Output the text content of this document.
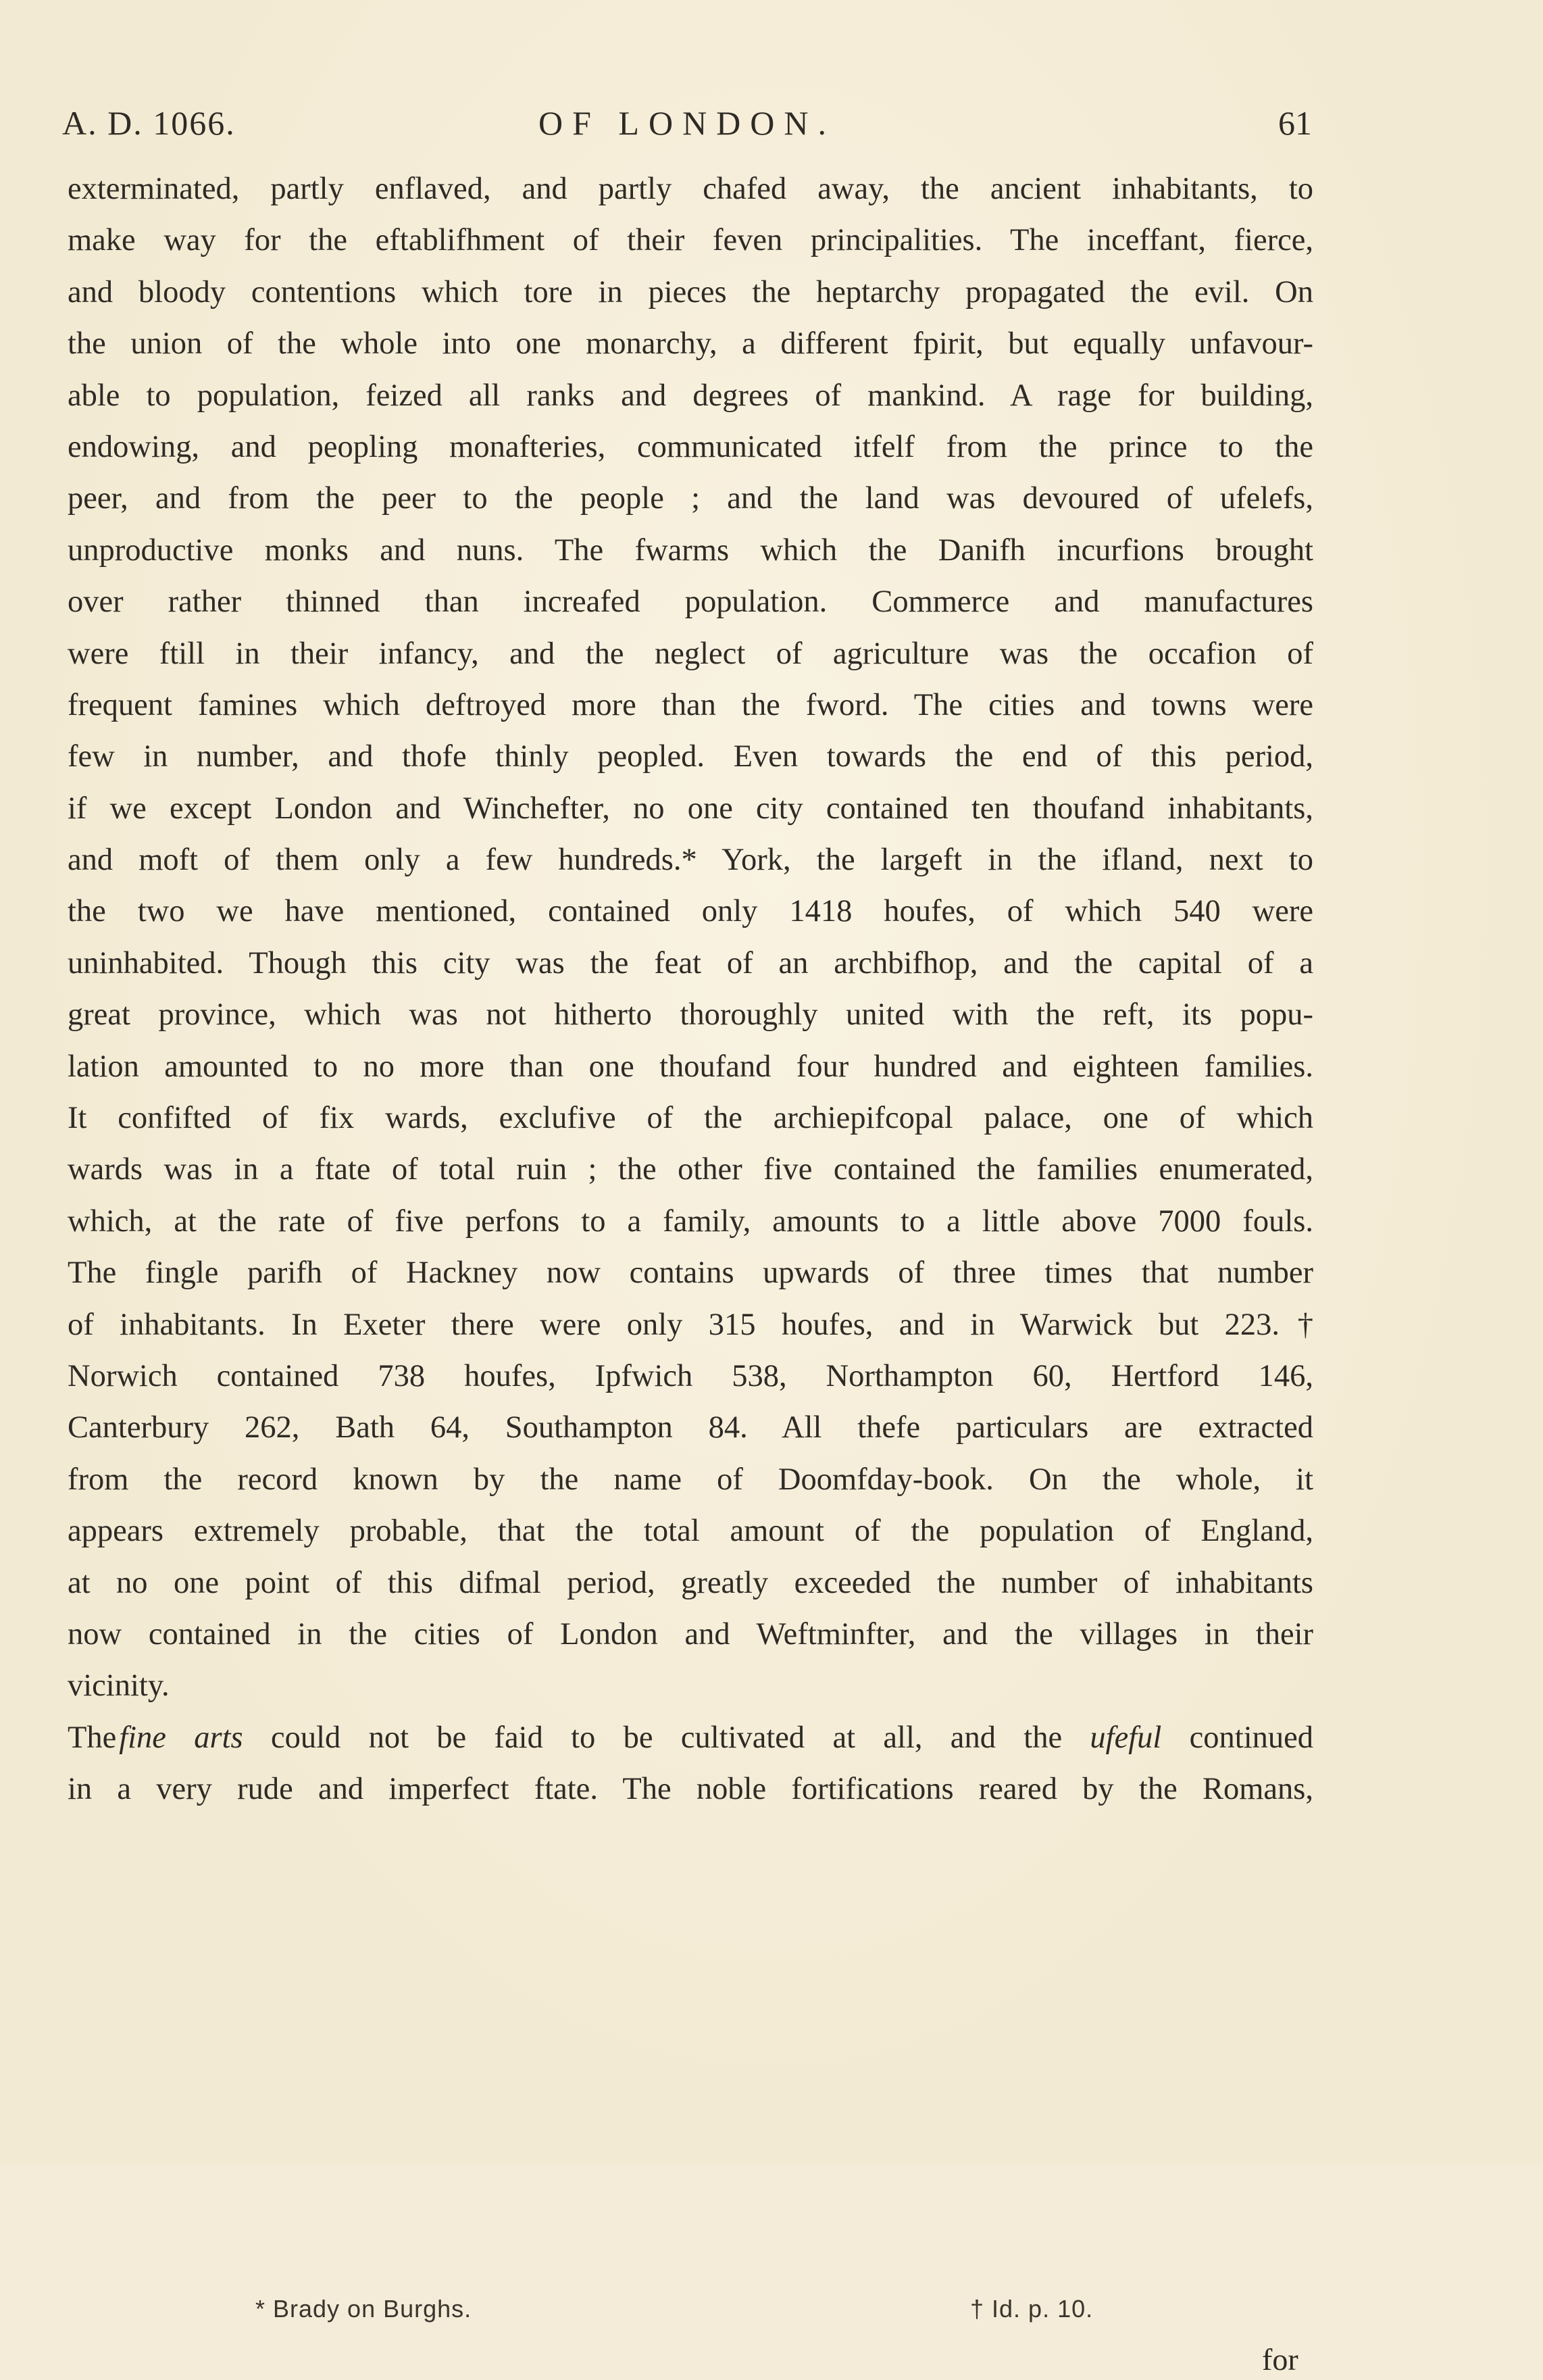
A. D. 1066.	OF LONDON.	61
exterminated, partly enflaved, and partly chafed away, the ancient inhabitants, to
make way for the eftablifhment of their feven principalities. The inceffant, fierce,
and bloody contentions which tore in pieces the heptarchy propagated the evil. On
the union of the whole into one monarchy, a different fpirit, but equally unfavour-
able to population, feized all ranks and degrees of mankind. A rage for building,
endowing, and peopling monafteries, communicated itfelf from the prince to the
peer, and from the peer to the people ; and the land was devoured of ufelefs,
unproductive monks and nuns. The fwarms which the Danifh incurfions brought
over rather thinned than increafed population. Commerce and manufactures
were ftill in their infancy, and the neglect of agriculture was the occafion of
frequent famines which deftroyed more than the fword. The cities and towns were
few in number, and thofe thinly peopled. Even towards the end of this period,
if we except London and Winchefter, no one city contained ten thoufand inhabitants,
and moft of them only a few hundreds.* York, the largeft in the ifland, next to
the two we have mentioned, contained only 1418 houfes, of which 540 were
uninhabited. Though this city was the feat of an archbifhop, and the capital of a
great province, which was not hitherto thoroughly united with the reft, its popu-
lation amounted to no more than one thoufand four hundred and eighteen families.
It confifted of fix wards, exclufive of the archiepifcopal palace, one of which
wards was in a ftate of total ruin ; the other five contained the families enumerated,
which, at the rate of five perfons to a family, amounts to a little above 7000 fouls.
The fingle parifh of Hackney now contains upwards of three times that number
of inhabitants. In Exeter there were only 315 houfes, and in Warwick but 223.†
Norwich contained 738 houfes, Ipfwich 538, Northampton 60, Hertford 146,
Canterbury 262, Bath 64, Southampton 84. All thefe particulars are extracted
from the record known by the name of Doomfday-book. On the whole, it
appears extremely probable, that the total amount of the population of England,
at no one point of this difmal period, greatly exceeded the number of inhabitants
now contained in the cities of London and Weftminfter, and the villages in their
vicinity.
The fine arts could not be faid to be cultivated at all, and the ufeful continued
in a very rude and imperfect ftate. The noble fortifications reared by the Romans,
* Brady on Burghs.	† Id. p. 10.
for
